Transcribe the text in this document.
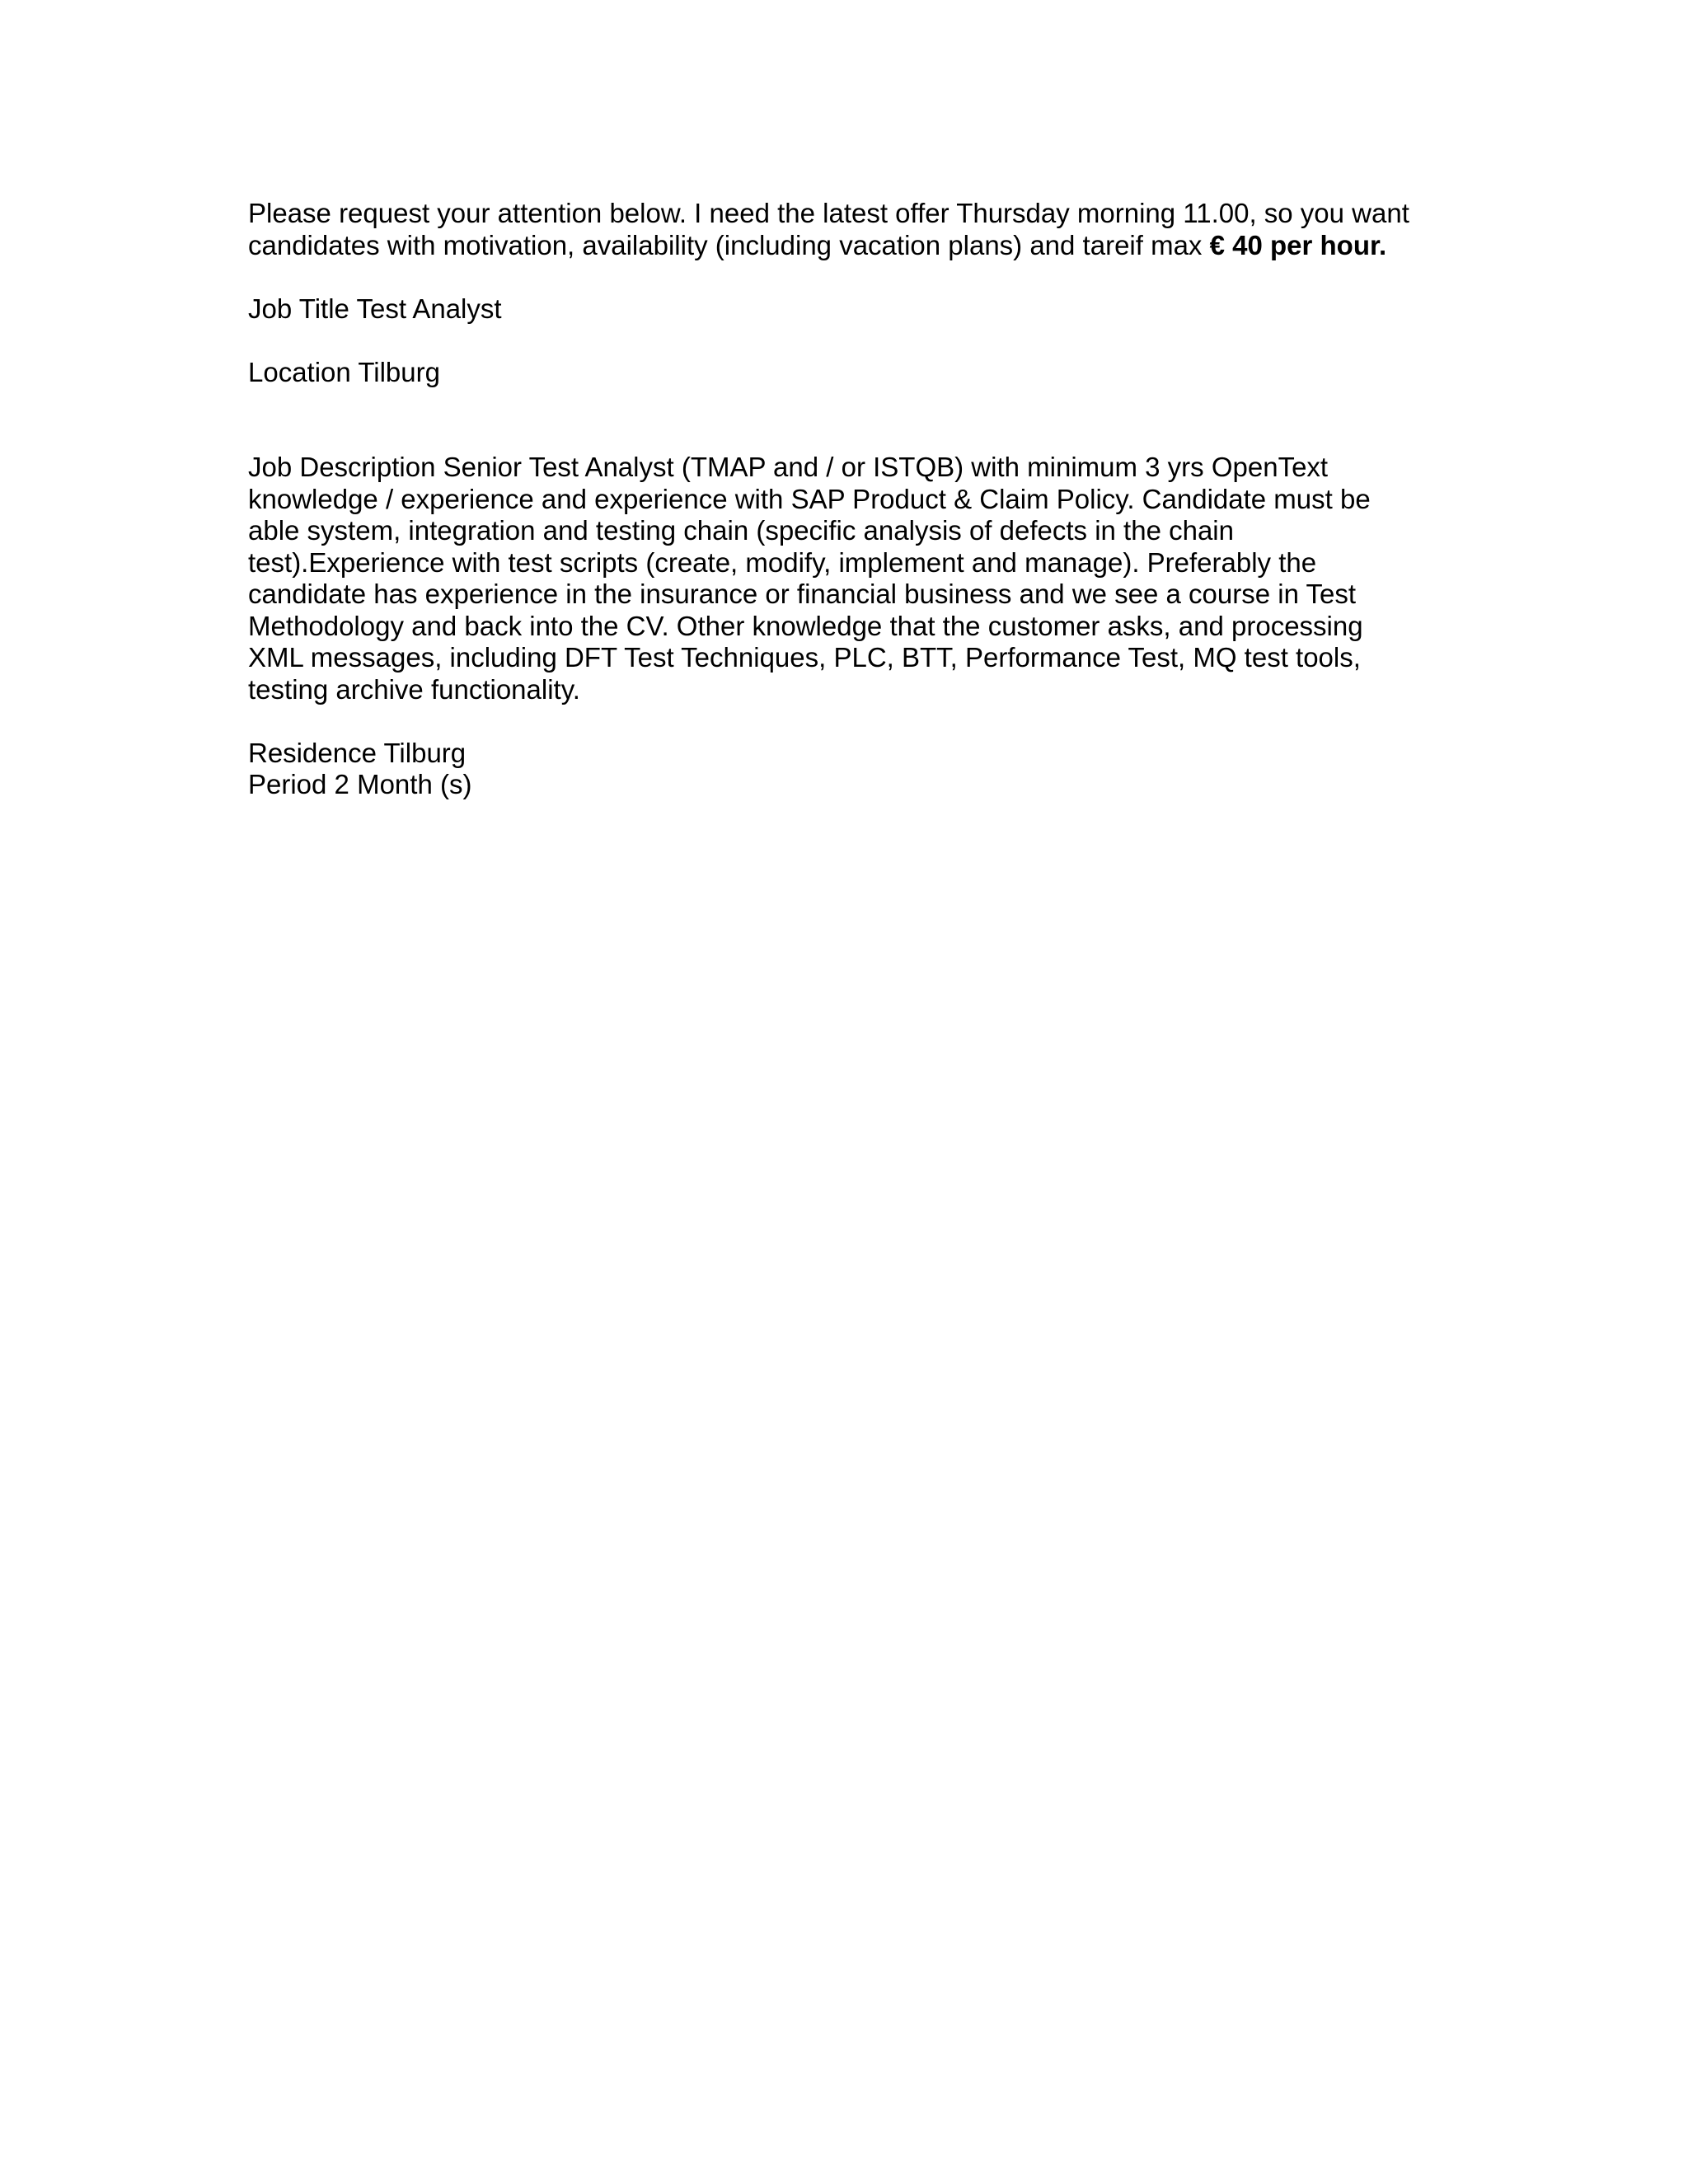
Please request your attention below. I need the latest offer Thursday morning 11.00, so you want
candidates with motivation, availability (including vacation plans) and tareif max € 40 per hour.
Job Title Test Analyst
Location Tilburg
Job Description Senior Test Analyst (TMAP and / or ISTQB) with minimum 3 yrs OpenText
knowledge / experience and experience with SAP Product & Claim Policy. Candidate must be
able system, integration and testing chain (specific analysis of defects in the chain
test).Experience with test scripts (create, modify, implement and manage). Preferably the
candidate has experience in the insurance or financial business and we see a course in Test
Methodology and back into the CV. Other knowledge that the customer asks, and processing
XML messages, including DFT Test Techniques, PLC, BTT, Performance Test, MQ test tools,
testing archive functionality.
Residence Tilburg
Period 2 Month (s)
